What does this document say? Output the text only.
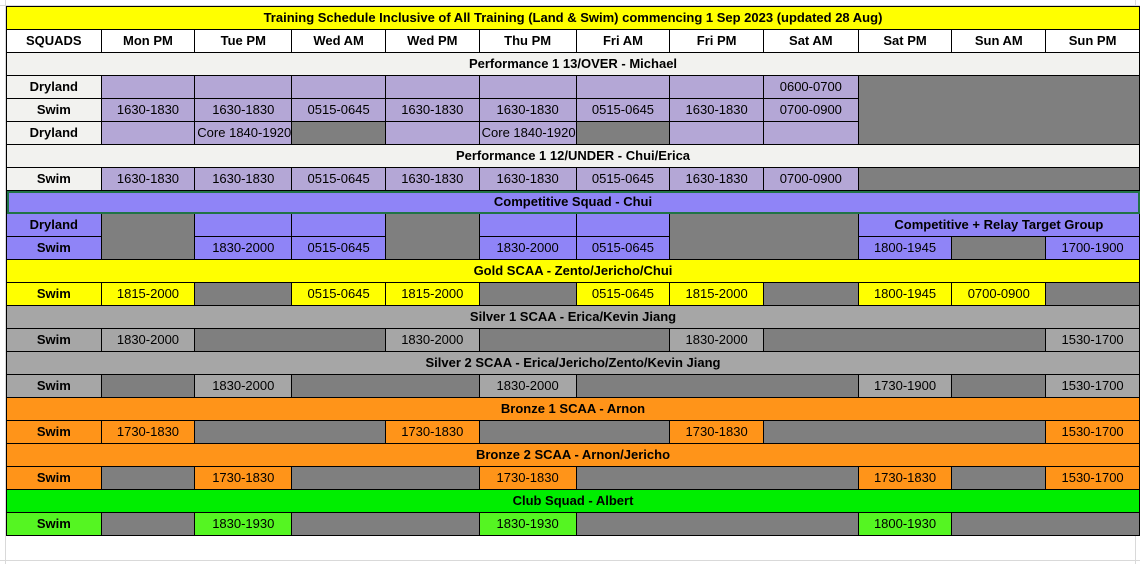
Training Schedule Inclusive of All Training (Land & Swim) commencing 1 Sep 2023 (updated 28 Aug)											
SQUADS	Mon PM	Tue PM	Wed AM	Wed PM	Thu PM	Fri AM	Fri PM	Sat AM	Sat PM	Sun AM	Sun PM
Performance 1 13/OVER - Michael											
Dryland								0600-0700			
Swim	1630-1830	1630-1830	0515-0645	1630-1830	1630-1830	0515-0645	1630-1830	0700-0900			
Dryland		Core 1840-1920			Core 1840-1920						
Performance 1 12/UNDER - Chui/Erica											
Swim	1630-1830	1630-1830	0515-0645	1630-1830	1630-1830	0515-0645	1630-1830	0700-0900			
Competitive Squad - Chui											
Dryland									Competitive + Relay Target Group		
Swim		1830-2000	0515-0645		1830-2000	0515-0645			1800-1945		1700-1900
Gold SCAA - Zento/Jericho/Chui											
Swim	1815-2000		0515-0645	1815-2000		0515-0645	1815-2000		1800-1945	0700-0900	
Silver 1 SCAA - Erica/Kevin Jiang											
Swim	1830-2000			1830-2000			1830-2000				1530-1700
Silver 2 SCAA - Erica/Jericho/Zento/Kevin Jiang											
Swim		1830-2000			1830-2000				1730-1900		1530-1700
Bronze 1 SCAA - Arnon											
Swim	1730-1830			1730-1830			1730-1830				1530-1700
Bronze 2 SCAA - Arnon/Jericho											
Swim		1730-1830			1730-1830				1730-1830		1530-1700
Club Squad - Albert											
Swim		1830-1930			1830-1930				1800-1930		
